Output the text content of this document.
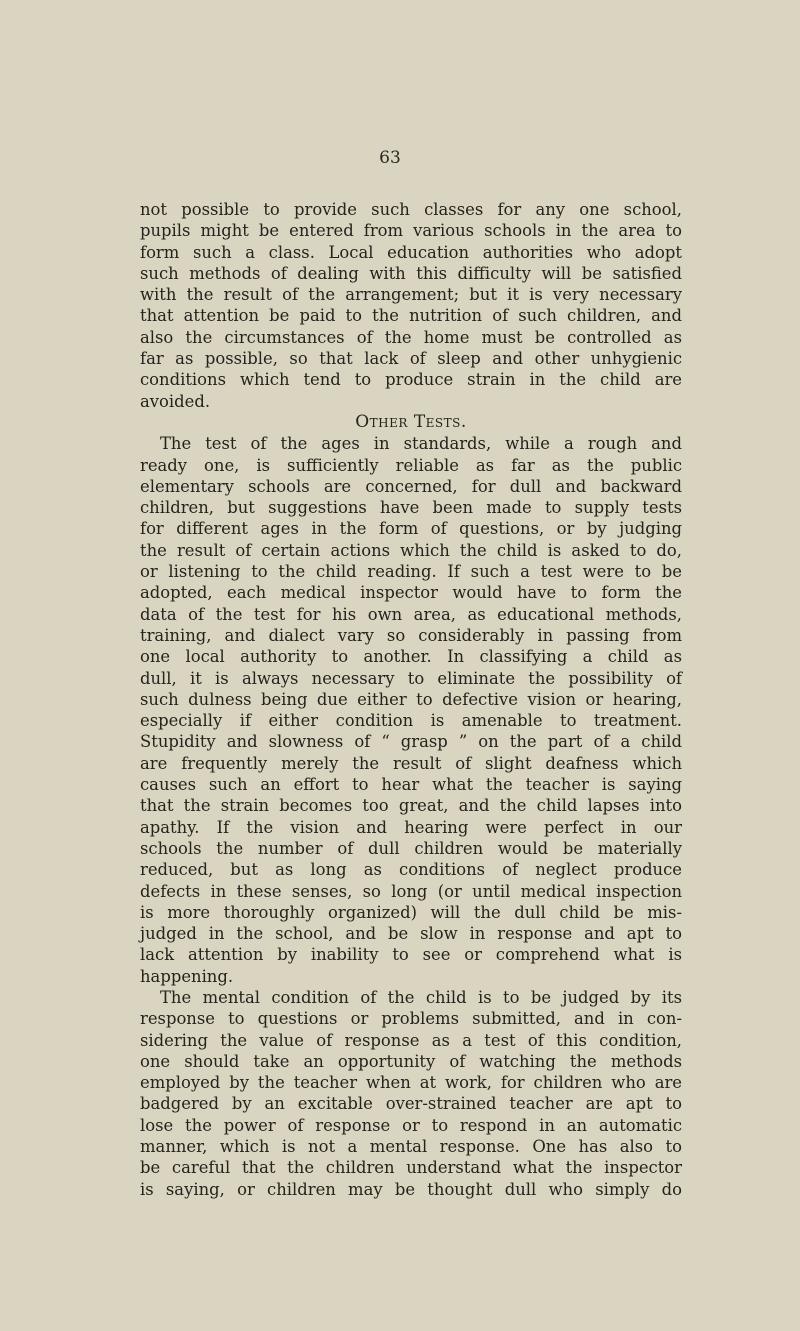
63
not possible to provide such classes for any one school,
pupils might be entered from various schools in the area to
form such a class. Local education authorities who adopt
such methods of dealing with this difficulty will be satisfied
with the result of the arrangement; but it is very necessary
that attention be paid to the nutrition of such children, and
also the circumstances of the home must be controlled as
far as possible, so that lack of sleep and other unhygienic
conditions which tend to produce strain in the child are
avoided.
Other Tests.
The test of the ages in standards, while a rough and
ready one, is sufficiently reliable as far as the public
elementary schools are concerned, for dull and backward
children, but suggestions have been made to supply tests
for different ages in the form of questions, or by judging
the result of certain actions which the child is asked to do,
or listening to the child reading. If such a test were to be
adopted, each medical inspector would have to form the
data of the test for his own area, as educational methods,
training, and dialect vary so considerably in passing from
one local authority to another. In classifying a child as
dull, it is always necessary to eliminate the possibility of
such dulness being due either to defective vision or hearing,
especially if either condition is amenable to treatment.
Stupidity and slowness of “ grasp ” on the part of a child
are frequently merely the result of slight deafness which
causes such an effort to hear what the teacher is saying
that the strain becomes too great, and the child lapses into
apathy. If the vision and hearing were perfect in our
schools the number of dull children would be materially
reduced, but as long as conditions of neglect produce
defects in these senses, so long (or until medical inspection
is more thoroughly organized) will the dull child be mis-
judged in the school, and be slow in response and apt to
lack attention by inability to see or comprehend what is
happening.
The mental condition of the child is to be judged by its
response to questions or problems submitted, and in con-
sidering the value of response as a test of this condition,
one should take an opportunity of watching the methods
employed by the teacher when at work, for children who are
badgered by an excitable over-strained teacher are apt to
lose the power of response or to respond in an automatic
manner, which is not a mental response. One has also to
be careful that the children understand what the inspector
is saying, or children may be thought dull who simply do
